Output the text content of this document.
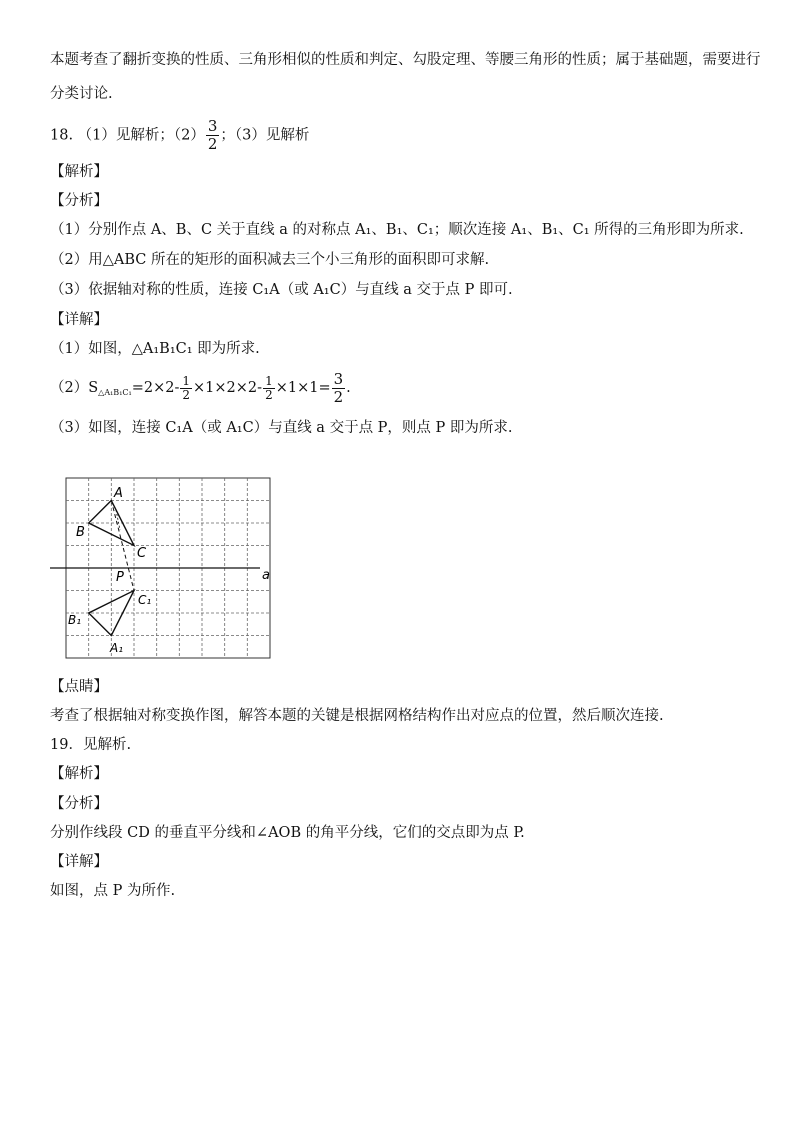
本题考查了翻折变换的性质、三角形相似的性质和判定、勾股定理、等腰三角形的性质；属于基础题，需要进行
分类讨论.
18. （1）见解析；$(2) \frac{3}{2}$ ；（3）见解析
【解析】
【分析】
（1）分别作点 A、B、C 关于直线 a 的对称点 A₁、B₁、C₁；顺次连接 A₁、B₁、C₁ 所得的三角形即为所求.
（2）用△ABC 所在的矩形的面积减去三个小三角形的面积即可求解.
（3）依据轴对称的性质，连接 C₁A（或 A₁C）与直线 a 交于点 P 即可.
【详解】
（1）如图，△A₁B₁C₁ 即为所求.
$(2)S_{\triangle A_1B_1C_1}=2\times 2- \frac{1}{2} \times 1\times 2\times 2- \frac{1}{2} \times 1\times 1= \frac{3}{2}$ .
（3）如图，连接 C₁A（或 A₁C）与直线 a 交于点 P，则点 P 即为所求.
A
B
C
P	a
C₁
B₁
A₁
【点睛】
考查了根据轴对称变换作图，解答本题的关键是根据网格结构作出对应点的位置，然后顺次连接.
19．见解析.
【解析】
【分析】
分别作线段 CD 的垂直平分线和∠AOB 的角平分线，它们的交点即为点 P.
【详解】
如图，点 P 为所作.
